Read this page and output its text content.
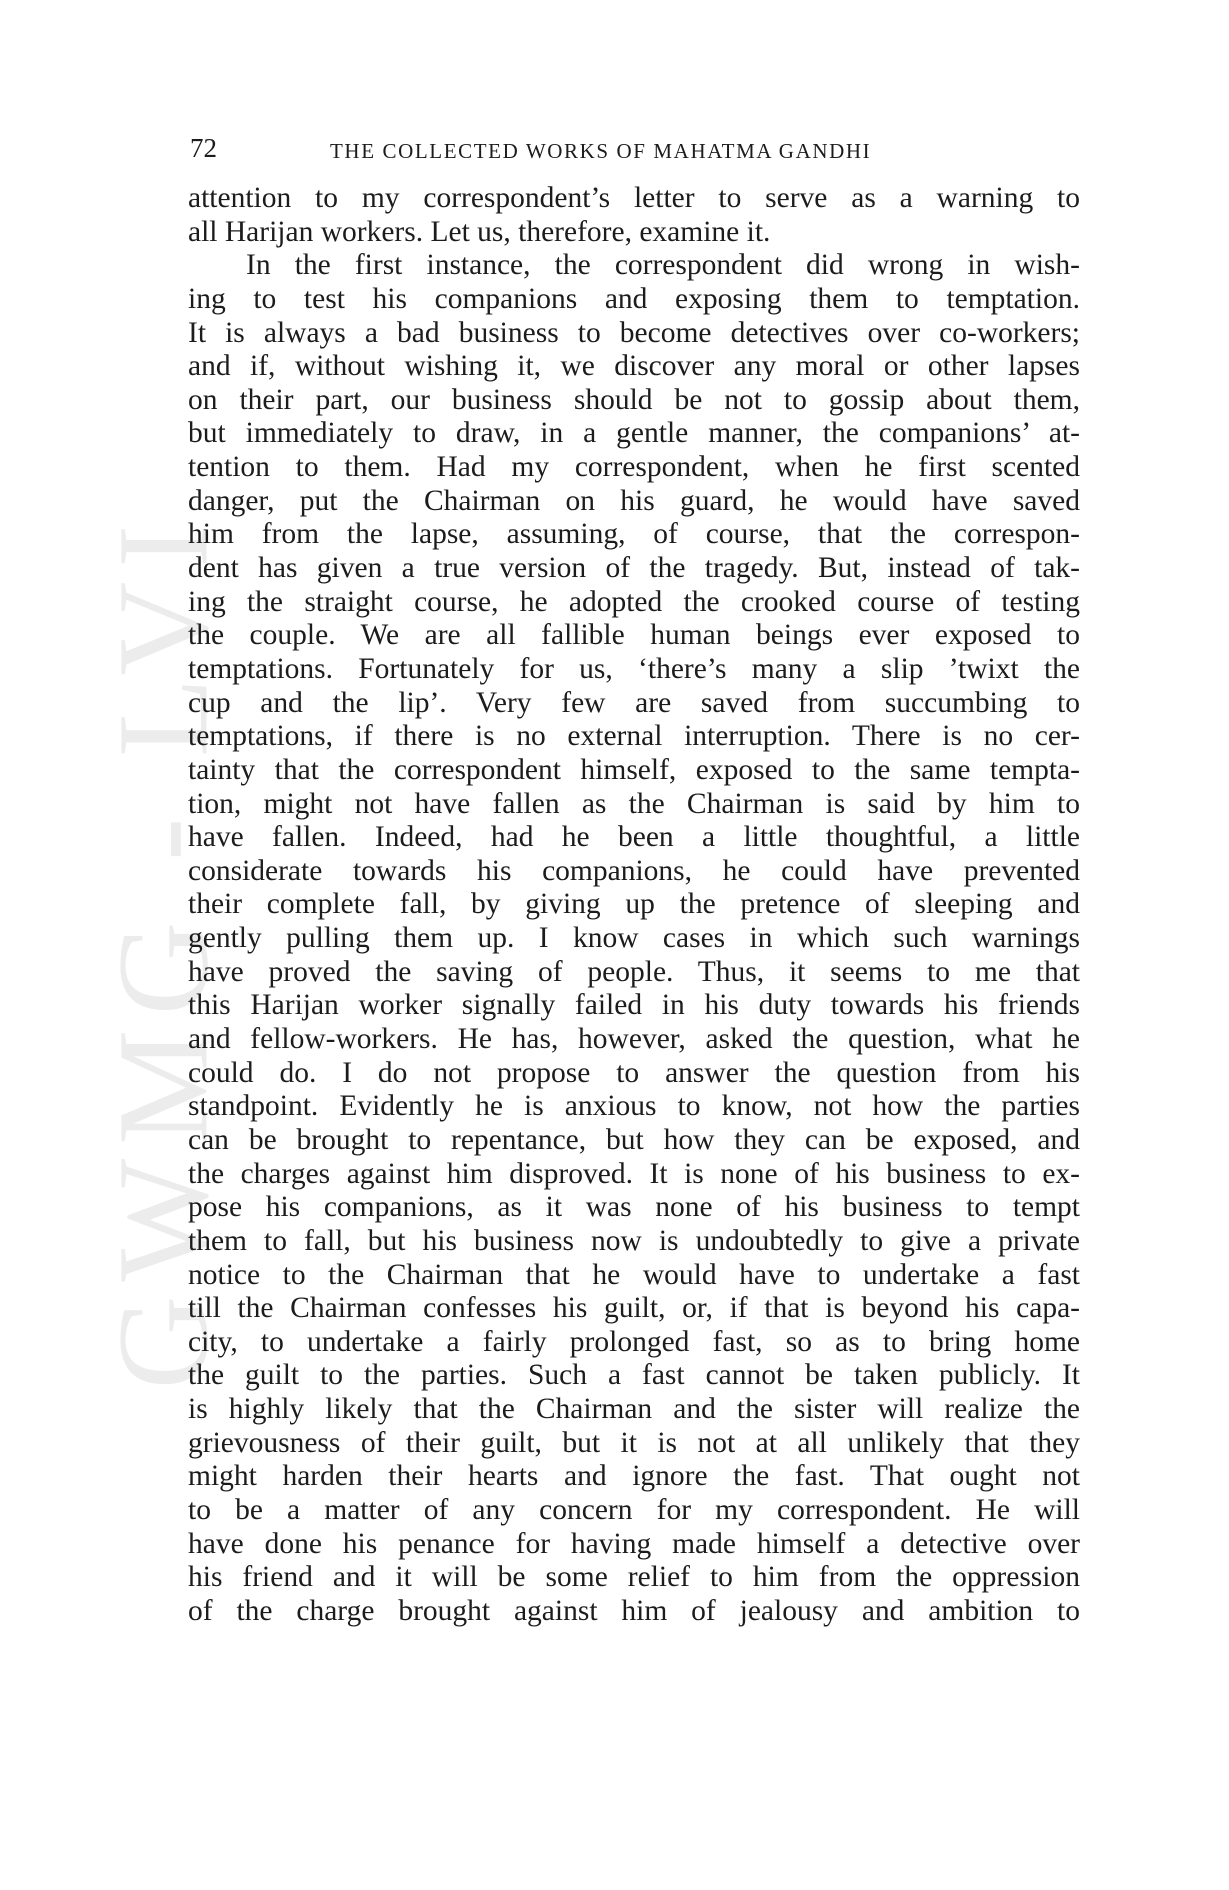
GWMG - LVI
72	THE COLLECTED WORKS OF MAHATMA GANDHI
attention to my correspondent’s letter to serve as a warning to
all Harijan workers. Let us, therefore, examine it.
In the first instance, the correspondent did wrong in wish-
ing to test his companions and exposing them to temptation.
It is always a bad business to become detectives over co-workers;
and if, without wishing it, we discover any moral or other lapses
on their part, our business should be not to gossip about them,
but immediately to draw, in a gentle manner, the companions’ at-
tention to them. Had my correspondent, when he first scented
danger, put the Chairman on his guard, he would have saved
him from the lapse, assuming, of course, that the correspon-
dent has given a true version of the tragedy. But, instead of tak-
ing the straight course, he adopted the crooked course of testing
the couple. We are all fallible human beings ever exposed to
temptations. Fortunately for us, ‘there’s many a slip ’twixt the
cup and the lip’. Very few are saved from succumbing to
temptations, if there is no external interruption. There is no cer-
tainty that the correspondent himself, exposed to the same tempta-
tion, might not have fallen as the Chairman is said by him to
have fallen. Indeed, had he been a little thoughtful, a little
considerate towards his companions, he could have prevented
their complete fall, by giving up the pretence of sleeping and
gently pulling them up. I know cases in which such warnings
have proved the saving of people. Thus, it seems to me that
this Harijan worker signally failed in his duty towards his friends
and fellow-workers. He has, however, asked the question, what he
could do. I do not propose to answer the question from his
standpoint. Evidently he is anxious to know, not how the parties
can be brought to repentance, but how they can be exposed, and
the charges against him disproved. It is none of his business to ex-
pose his companions, as it was none of his business to tempt
them to fall, but his business now is undoubtedly to give a private
notice to the Chairman that he would have to undertake a fast
till the Chairman confesses his guilt, or, if that is beyond his capa-
city, to undertake a fairly prolonged fast, so as to bring home
the guilt to the parties. Such a fast cannot be taken publicly. It
is highly likely that the Chairman and the sister will realize the
grievousness of their guilt, but it is not at all unlikely that they
might harden their hearts and ignore the fast. That ought not
to be a matter of any concern for my correspondent. He will
have done his penance for having made himself a detective over
his friend and it will be some relief to him from the oppression
of the charge brought against him of jealousy and ambition to
